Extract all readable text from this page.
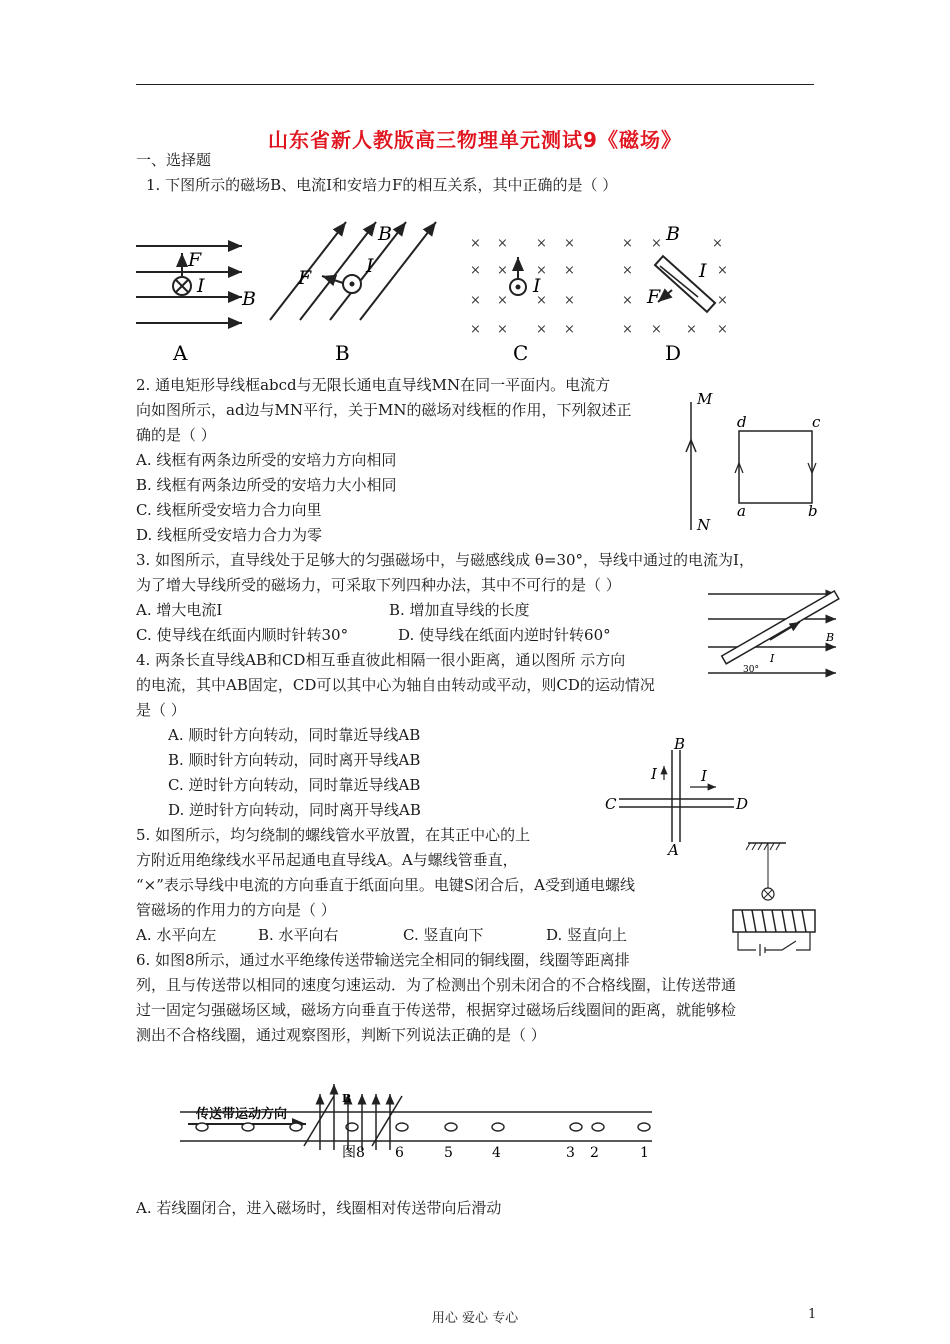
山东省新人教版高三物理单元测试9《磁场》
一、选择题
1. 下图所示的磁场B、电流I和安培力F的相互关系，其中正确的是（ ）
F
I
B
A
F
I
B
B
× × × ×
× × × ×
× × × ×
× × × ×
I
C
× ×	×
×	×
×	×
× × × ×
B
I
F
D
2. 通电矩形导线框abcd与无限长通电直导线MN在同一平面内。电流方
向如图所示，ad边与MN平行，关于MN的磁场对线框的作用，下列叙述正
确的是（ ）
A. 线框有两条边所受的安培力方向相同
B. 线框有两条边所受的安培力大小相同
C. 线框所受安培力合力向里
D. 线框所受安培力合力为零
M
N
d	c
a	b
3. 如图所示，直导线处于足够大的匀强磁场中，与磁感线成 θ=30°，导线中通过的电流为I，
为了增大导线所受的磁场力，可采取下列四种办法，其中不可行的是（ ）
A. 增大电流I	B. 增加直导线的长度
C. 使导线在纸面内顺时针转30°	D. 使导线在纸面内逆时针转60°	B
I
30°
4. 两条长直导线AB和CD相互垂直彼此相隔一很小距离，通以图所 示方向
的电流，其中AB固定，CD可以其中心为轴自由转动或平动，则CD的运动情况
是（ ）
A. 顺时针方向转动，同时靠近导线AB
B. 顺时针方向转动，同时离开导线AB
C. 逆时针方向转动，同时靠近导线AB
D. 逆时针方向转动，同时离开导线AB
B
A
C	D
I	I
5. 如图所示，均匀绕制的螺线管水平放置，在其正中心的上
方附近用绝缘线水平吊起通电直导线A。A与螺线管垂直，
“×”表示导线中电流的方向垂直于纸面向里。电键S闭合后，A受到通电螺线
管磁场的作用力的方向是（ ）
A. 水平向左	B. 水平向右	C. 竖直向下	D. 竖直向上
6. 如图8所示，通过水平绝缘传送带输送完全相同的铜线圈，线圈等距离排
列，且与传送带以相同的速度匀速运动．为了检测出个别未闭合的不合格线圈，让传送带通
过一固定匀强磁场区域，磁场方向垂直于传送带，根据穿过磁场后线圈间的距离，就能够检
测出不合格线圈，通过观察图形，判断下列说法正确的是（ ）
传送带运动方向
B
图8 6	5	4	3 2	1
A. 若线圈闭合，进入磁场时，线圈相对传送带向后滑动
用心 爱心 专心	1
